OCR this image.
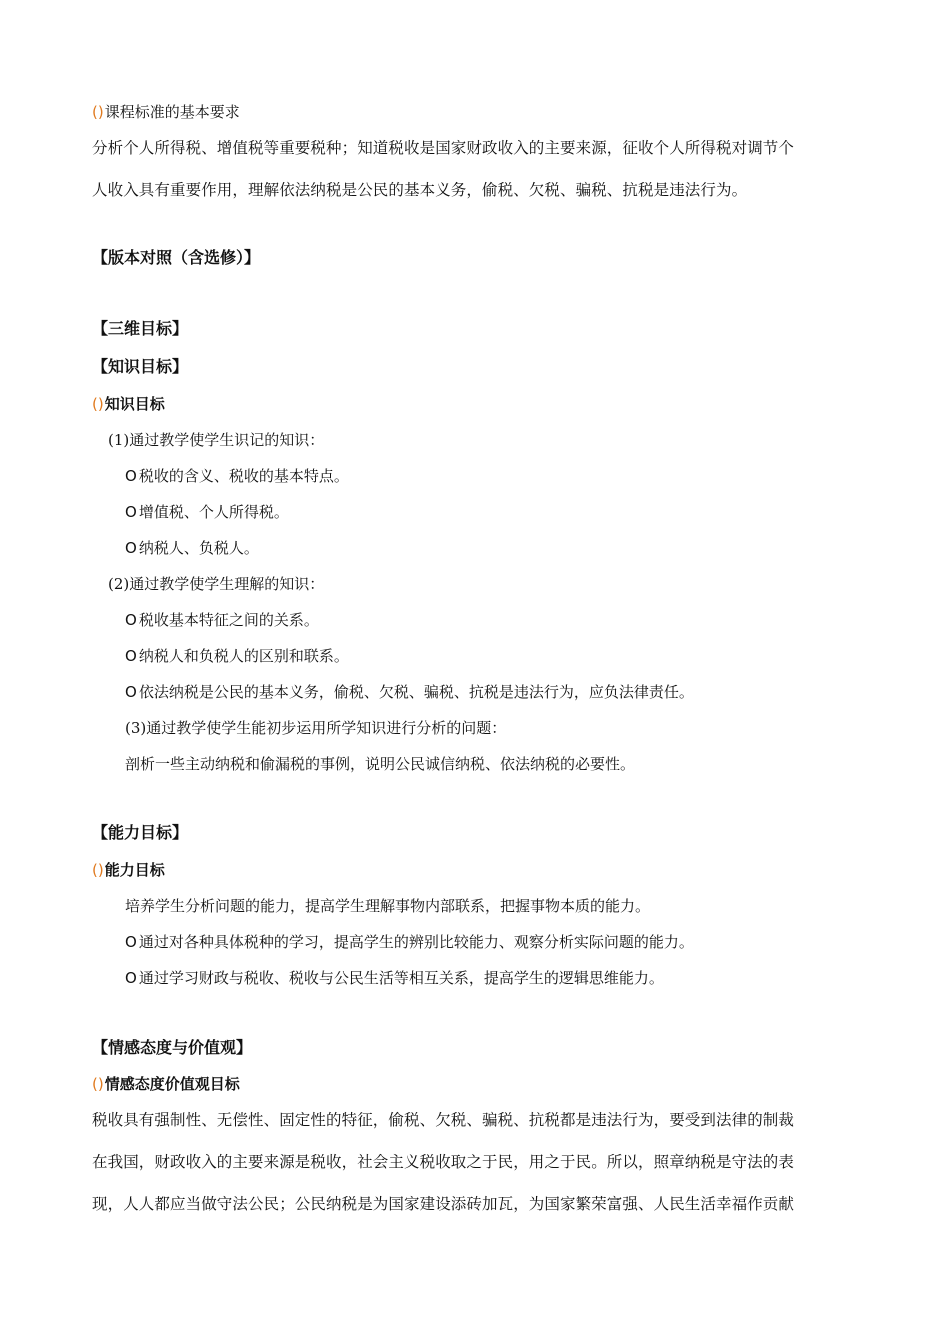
()课程标准的基本要求
分析个人所得税、增值税等重要税种；知道税收是国家财政收入的主要来源，征收个人所得税对调节个
人收入具有重要作用，理解依法纳税是公民的基本义务，偷税、欠税、骗税、抗税是违法行为。
【版本对照（含选修）】
【三维目标】
【知识目标】
()知识目标
(1)通过教学使学生识记的知识：
O 税收的含义、税收的基本特点。
O 增值税、个人所得税。
O 纳税人、负税人。
(2)通过教学使学生理解的知识：
O 税收基本特征之间的关系。
O 纳税人和负税人的区别和联系。
O 依法纳税是公民的基本义务，偷税、欠税、骗税、抗税是违法行为，应负法律责任。
(3)通过教学使学生能初步运用所学知识进行分析的问题：
剖析一些主动纳税和偷漏税的事例，说明公民诚信纳税、依法纳税的必要性。
【能力目标】
()能力目标
培养学生分析问题的能力，提高学生理解事物内部联系，把握事物本质的能力。
O 通过对各种具体税种的学习，提高学生的辨别比较能力、观察分析实际问题的能力。
O 通过学习财政与税收、税收与公民生活等相互关系，提高学生的逻辑思维能力。
【情感态度与价值观】
()情感态度价值观目标
税收具有强制性、无偿性、固定性的特征，偷税、欠税、骗税、抗税都是违法行为，要受到法律的制裁
在我国，财政收入的主要来源是税收，社会主义税收取之于民，用之于民。所以，照章纳税是守法的表
现，人人都应当做守法公民；公民纳税是为国家建设添砖加瓦，为国家繁荣富强、人民生活幸福作贡献
